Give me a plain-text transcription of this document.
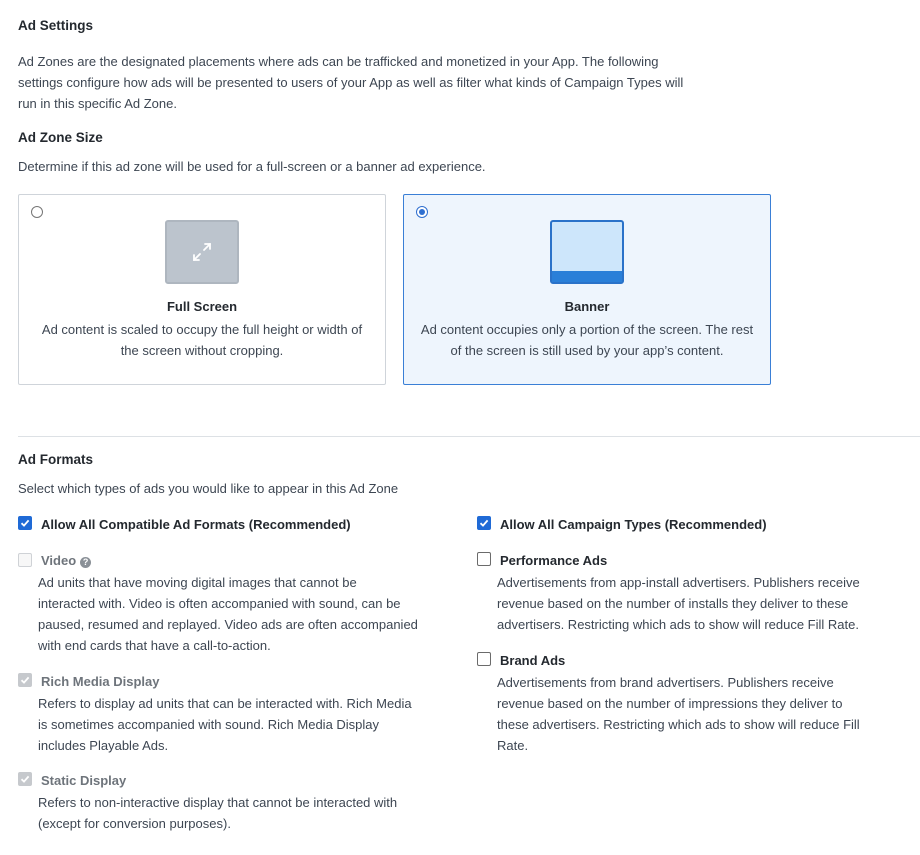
Ad Settings
Ad Zones are the designated placements where ads can be trafficked and monetized in your App. The following
settings configure how ads will be presented to users of your App as well as filter what kinds of Campaign Types will
run in this specific Ad Zone.
Ad Zone Size
Determine if this ad zone will be used for a full-screen or a banner ad experience.
Full Screen
Ad content is scaled to occupy the full height or width of
the screen without cropping.
Banner
Ad content occupies only a portion of the screen. The rest
of the screen is still used by your app’s content.
Ad Formats
Select which types of ads you would like to appear in this Ad Zone
Allow All Compatible Ad Formats (Recommended)
Video ?
Ad units that have moving digital images that cannot be
interacted with. Video is often accompanied with sound, can be
paused, resumed and replayed. Video ads are often accompanied
with end cards that have a call-to-action.
Rich Media Display
Refers to display ad units that can be interacted with. Rich Media
is sometimes accompanied with sound. Rich Media Display
includes Playable Ads.
Static Display
Refers to non-interactive display that cannot be interacted with
(except for conversion purposes).
Allow All Campaign Types (Recommended)
Performance Ads
Advertisements from app-install advertisers. Publishers receive
revenue based on the number of installs they deliver to these
advertisers. Restricting which ads to show will reduce Fill Rate.
Brand Ads
Advertisements from brand advertisers. Publishers receive
revenue based on the number of impressions they deliver to
these advertisers. Restricting which ads to show will reduce Fill
Rate.
